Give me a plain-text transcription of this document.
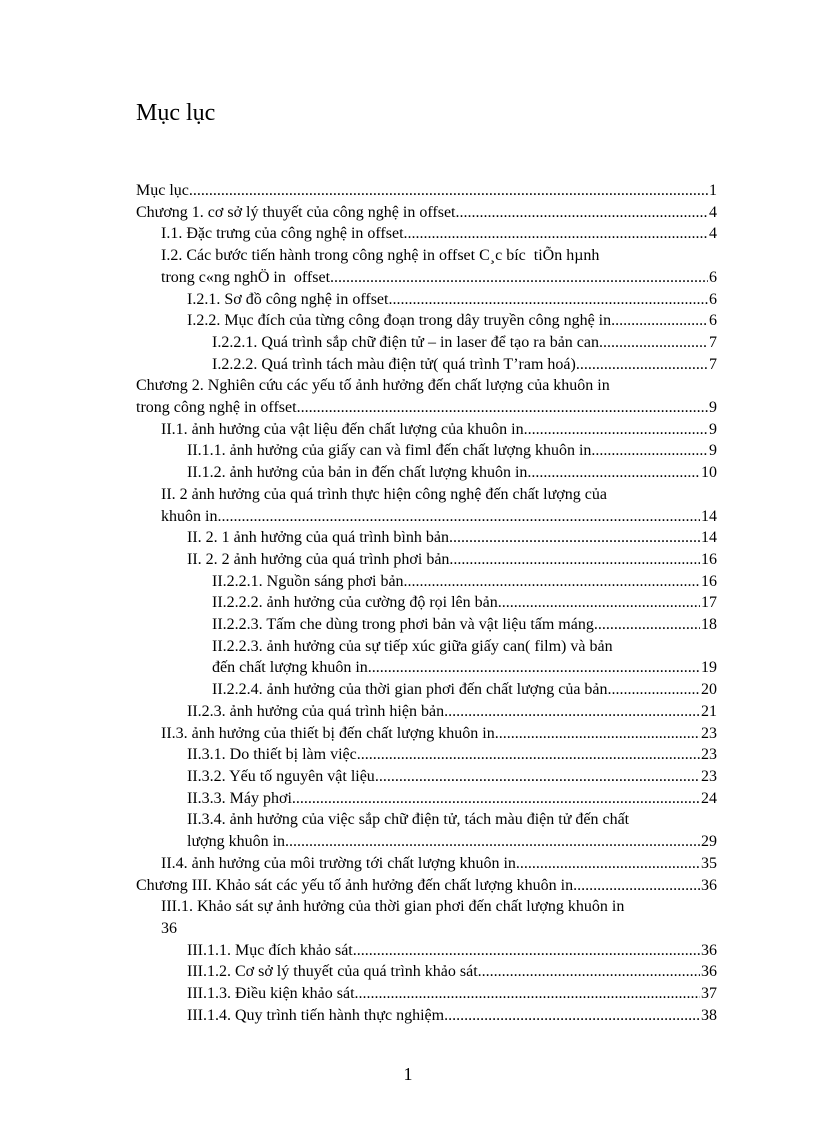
Mục lục
Mục lục .....	1
Chương 1. cơ sở lý thuyết của công nghệ in offset .....	4
I.1. Đặc trưng của công nghệ in offset .....	4
I.2. Các bước tiến hành trong công nghệ in offset C¸c bíc  tiÕn hµnh
trong c«ng nghÖ in  offset .....	6
I.2.1. Sơ đồ công nghệ in offset .....	6
I.2.2. Mục đích của từng công đoạn trong dây truyền công nghệ in .....	6
I.2.2.1. Quá trình sắp chữ điện tử – in laser để tạo ra bản can .....	7
I.2.2.2. Quá trình tách màu điện tử( quá trình T’ram hoá) .....	7
Chương 2. Nghiên cứu các yếu tố ảnh hưởng đến chất lượng của khuôn in
trong công nghệ in offset .....	9
II.1. ảnh hưởng của vật liệu đến chất lượng của khuôn in .....	9
II.1.1. ảnh hưởng của giấy can và fiml đến chất lượng khuôn in .....	9
II.1.2. ảnh hưởng của bản in đến chất lượng khuôn in .....	10
II. 2 ảnh hưởng của quá trình thực hiện công nghệ đến chất lượng của
khuôn in .....	14
II. 2. 1 ảnh hưởng của quá trình bình bản .....	14
II. 2. 2 ảnh hưởng của quá trình phơi bản .....	16
II.2.2.1. Nguồn sáng phơi bản .....	16
II.2.2.2. ảnh hưởng của cường độ rọi lên bản .....	17
II.2.2.3. Tấm che dùng trong phơi bản và vật liệu tấm máng. .....	18
II.2.2.3. ảnh hưởng của sự tiếp xúc giữa giấy can( film) và bản
đến chất lượng khuôn in. .....	19
II.2.2.4. ảnh hưởng của thời gian phơi đến chất lượng của bản. .....	20
II.2.3. ảnh hưởng của quá trình hiện bản .....	21
II.3. ảnh hưởng của thiết bị đến chất lượng khuôn in .....	23
II.3.1. Do thiết bị làm việc .....	23
II.3.2. Yếu tố nguyên vật liệu .....	23
II.3.3. Máy phơi .....	24
II.3.4. ảnh hưởng của việc sắp chữ điện tử, tách màu điện tử đến chất
lượng khuôn in .....	29
II.4. ảnh hưởng của môi trường tới chất lượng khuôn in .....	35
Chương III. Khảo sát các yếu tố ảnh hưởng đến chất lượng khuôn in .....	36
III.1. Khảo sát sự ảnh hưởng của thời gian phơi đến chất lượng khuôn in
36
III.1.1. Mục đích khảo sát .....	36
III.1.2. Cơ sở lý thuyết của quá trình khảo sát .....	36
III.1.3. Điều kiện khảo sát .....	37
III.1.4. Quy trình tiến hành thực nghiệm .....	38
1
